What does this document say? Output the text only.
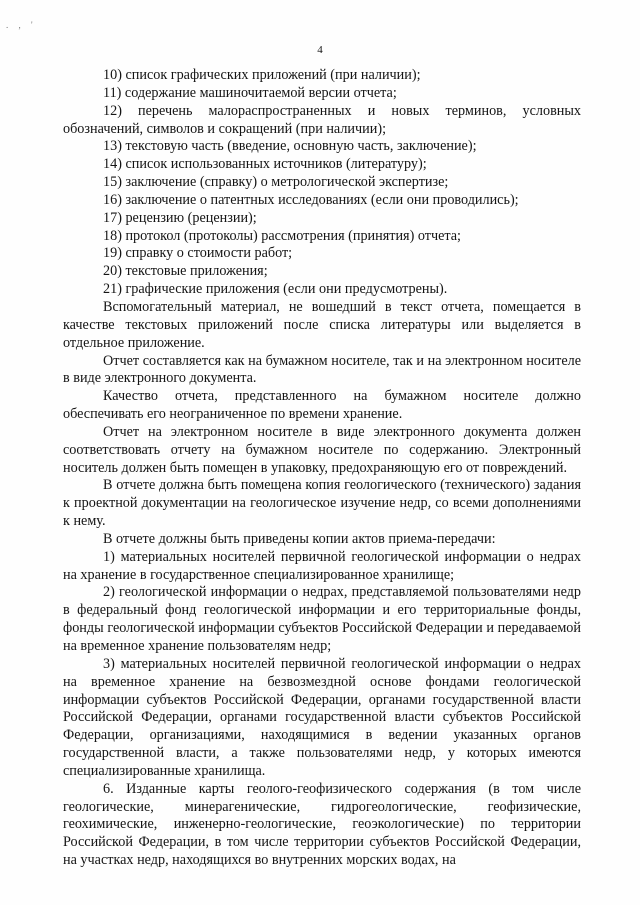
. , '
4

10) список графических приложений (при наличии);

11) содержание машиночитаемой версии отчета;

12) перечень малораспространенных и новых терминов, условных обозначений, символов и сокращений (при наличии);

13) текстовую часть (введение, основную часть, заключение);

14) список использованных источников (литературу);

15) заключение (справку) о метрологической экспертизе;

16) заключение о патентных исследованиях (если они проводились);

17) рецензию (рецензии);

18) протокол (протоколы) рассмотрения (принятия) отчета;

19) справку о стоимости работ;

20) текстовые приложения;

21) графические приложения (если они предусмотрены).

Вспомогательный материал, не вошедший в текст отчета, помещается в качестве текстовых приложений после списка литературы или выделяется в отдельное приложение.

Отчет составляется как на бумажном носителе, так и на электронном носителе в виде электронного документа.

Качество отчета, представленного на бумажном носителе должно обеспечивать его неограниченное по времени хранение.

Отчет на электронном носителе в виде электронного документа должен соответствовать отчету на бумажном носителе по содержанию. Электронный носитель должен быть помещен в упаковку, предохраняющую его от повреждений.

В отчете должна быть помещена копия геологического (технического) задания к проектной документации на геологическое изучение недр, со всеми дополнениями к нему.

В отчете должны быть приведены копии актов приема-передачи:

1) материальных носителей первичной геологической информации о недрах на хранение в государственное специализированное хранилище;

2) геологической информации о недрах, представляемой пользователями недр в федеральный фонд геологической информации и его территориальные фонды, фонды геологической информации субъектов Российской Федерации и передаваемой на временное хранение пользователям недр;

3) материальных носителей первичной геологической информации о недрах на временное хранение на безвозмездной основе фондами геологической информации субъектов Российской Федерации, органами государственной власти Российской Федерации, органами государственной власти субъектов Российской Федерации, организациями, находящимися в ведении указанных органов государственной власти, а также пользователями недр, у которых имеются специализированные хранилища.

6. Изданные карты геолого-геофизического содержания (в том числе геологические, минерагенические, гидрогеологические, геофизические, геохимические, инженерно-геологические, геоэкологические) по территории Российской Федерации, в том числе территории субъектов Российской Федерации, на участках недр, находящихся во внутренних морских водах, на
